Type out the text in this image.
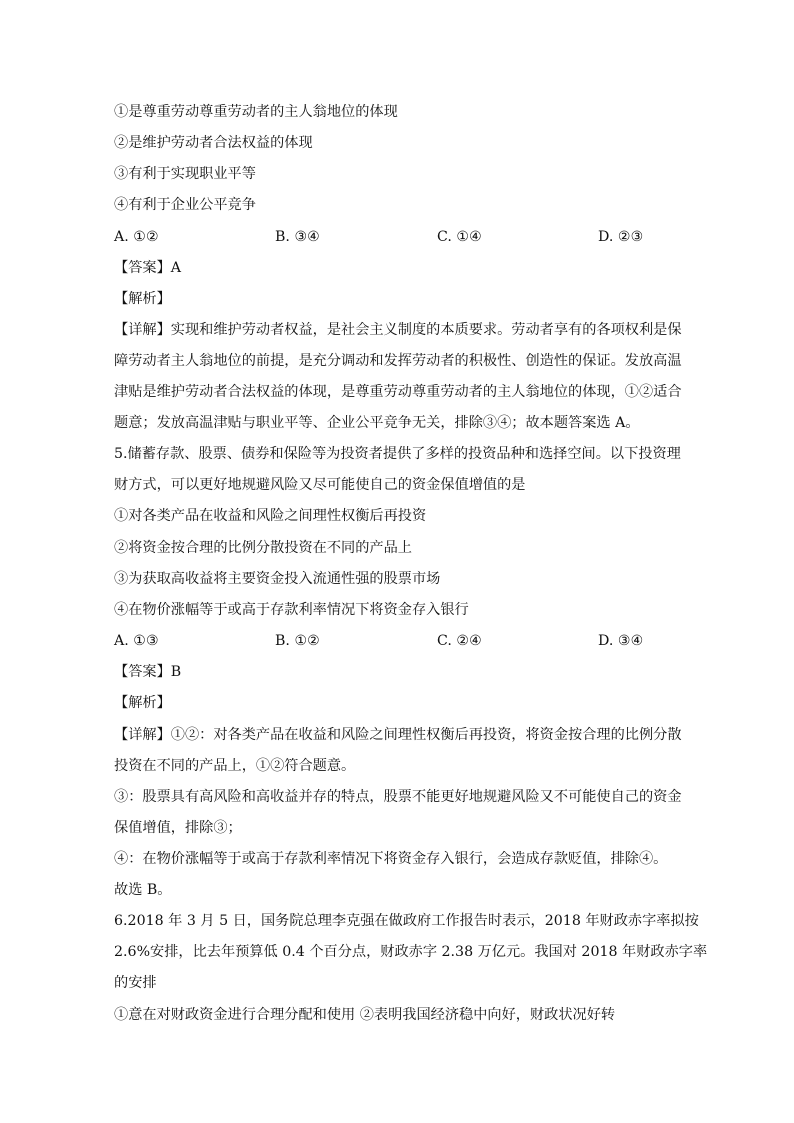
①是尊重劳动尊重劳动者的主人翁地位的体现
②是维护劳动者合法权益的体现
③有利于实现职业平等
④有利于企业公平竞争
A. ①②	B. ③④	C. ①④	D. ②③
【答案】A
【解析】
【详解】实现和维护劳动者权益，是社会主义制度的本质要求。劳动者享有的各项权利是保
障劳动者主人翁地位的前提，是充分调动和发挥劳动者的积极性、创造性的保证。发放高温
津贴是维护劳动者合法权益的体现，是尊重劳动尊重劳动者的主人翁地位的体现，①②适合
题意；发放高温津贴与职业平等、企业公平竞争无关，排除③④；故本题答案选 A。
5.储蓄存款、股票、债券和保险等为投资者提供了多样的投资品种和选择空间。以下投资理
财方式，可以更好地规避风险又尽可能使自己的资金保值增值的是
①对各类产品在收益和风险之间理性权衡后再投资
②将资金按合理的比例分散投资在不同的产品上
③为获取高收益将主要资金投入流通性强的股票市场
④在物价涨幅等于或高于存款利率情况下将资金存入银行
A. ①③	B. ①②	C. ②④	D. ③④
【答案】B
【解析】
【详解】①②：对各类产品在收益和风险之间理性权衡后再投资，将资金按合理的比例分散
投资在不同的产品上，①②符合题意。
③：股票具有高风险和高收益并存的特点，股票不能更好地规避风险又不可能使自己的资金
保值增值，排除③；
④：在物价涨幅等于或高于存款利率情况下将资金存入银行，会造成存款贬值，排除④。
故选 B。
6.2018 年 3 月 5 日，国务院总理李克强在做政府工作报告时表示，2018 年财政赤字率拟按
2.6%安排，比去年预算低 0.4 个百分点，财政赤字 2.38 万亿元。我国对 2018 年财政赤字率
的安排
①意在对财政资金进行合理分配和使用 ②表明我国经济稳中向好，财政状况好转
